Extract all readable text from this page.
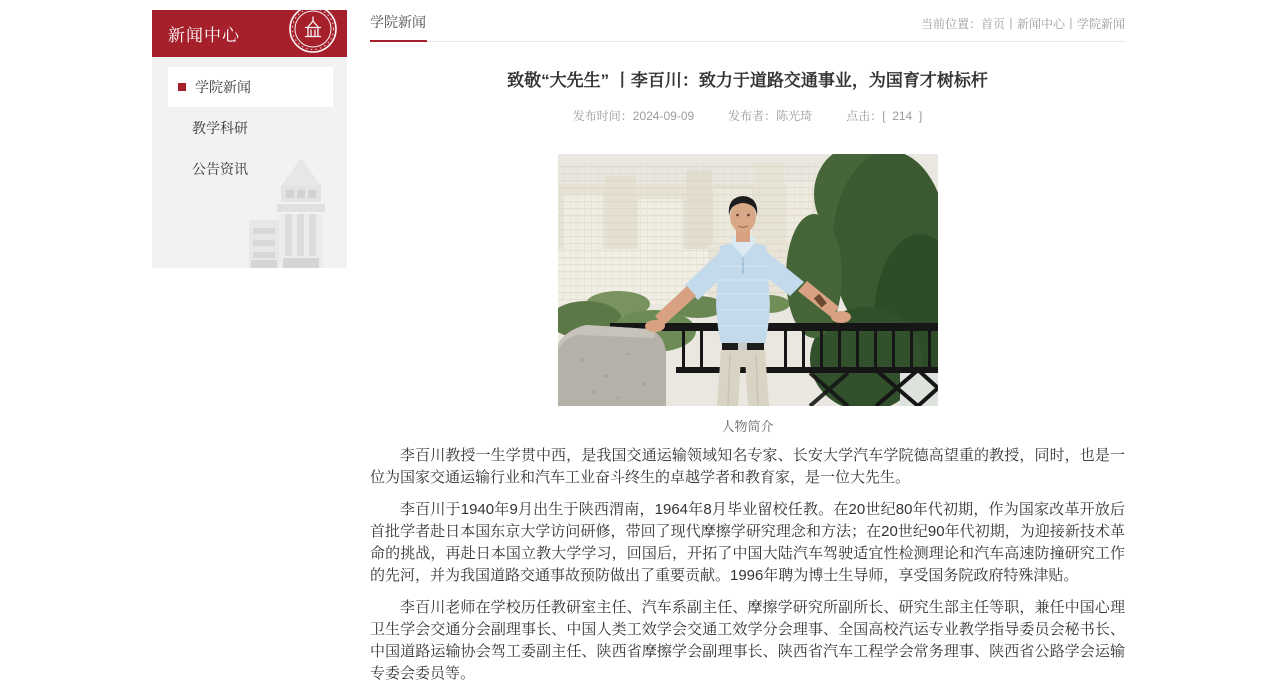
新闻中心
学院新闻
教学科研
公告资讯
学院新闻	当前位置：首页丨新闻中心丨学院新闻
致敬“大先生” 丨李百川：致力于道路交通事业，为国育才树标杆
发布时间：2024-09-09	发布者：陈光琦	点击：[  214  ]
人物简介

李百川教授一生学贯中西，是我国交通运输领域知名专家、长安大学汽车学院德高望重的教授，同时，也是一位为国家交通运输行业和汽车工业奋斗终生的卓越学者和教育家，是一位大先生。

李百川于1940年9月出生于陕西渭南，1964年8月毕业留校任教。在20世纪80年代初期，作为国家改革开放后首批学者赴日本国东京大学访问研修，带回了现代摩擦学研究理念和方法；在20世纪90年代初期，为迎接新技术革命的挑战，再赴日本国立教大学学习，回国后，开拓了中国大陆汽车驾驶适宜性检测理论和汽车高速防撞研究工作的先河，并为我国道路交通事故预防做出了重要贡献。1996年聘为博士生导师，享受国务院政府特殊津贴。

李百川老师在学校历任教研室主任、汽车系副主任、摩擦学研究所副所长、研究生部主任等职，兼任中国心理卫生学会交通分会副理事长、中国人类工效学会交通工效学分会理事、全国高校汽运专业教学指导委员会秘书长、中国道路运输协会驾工委副主任、陕西省摩擦学会副理事长、陕西省汽车工程学会常务理事、陕西省公路学会运输专委会委员等。
